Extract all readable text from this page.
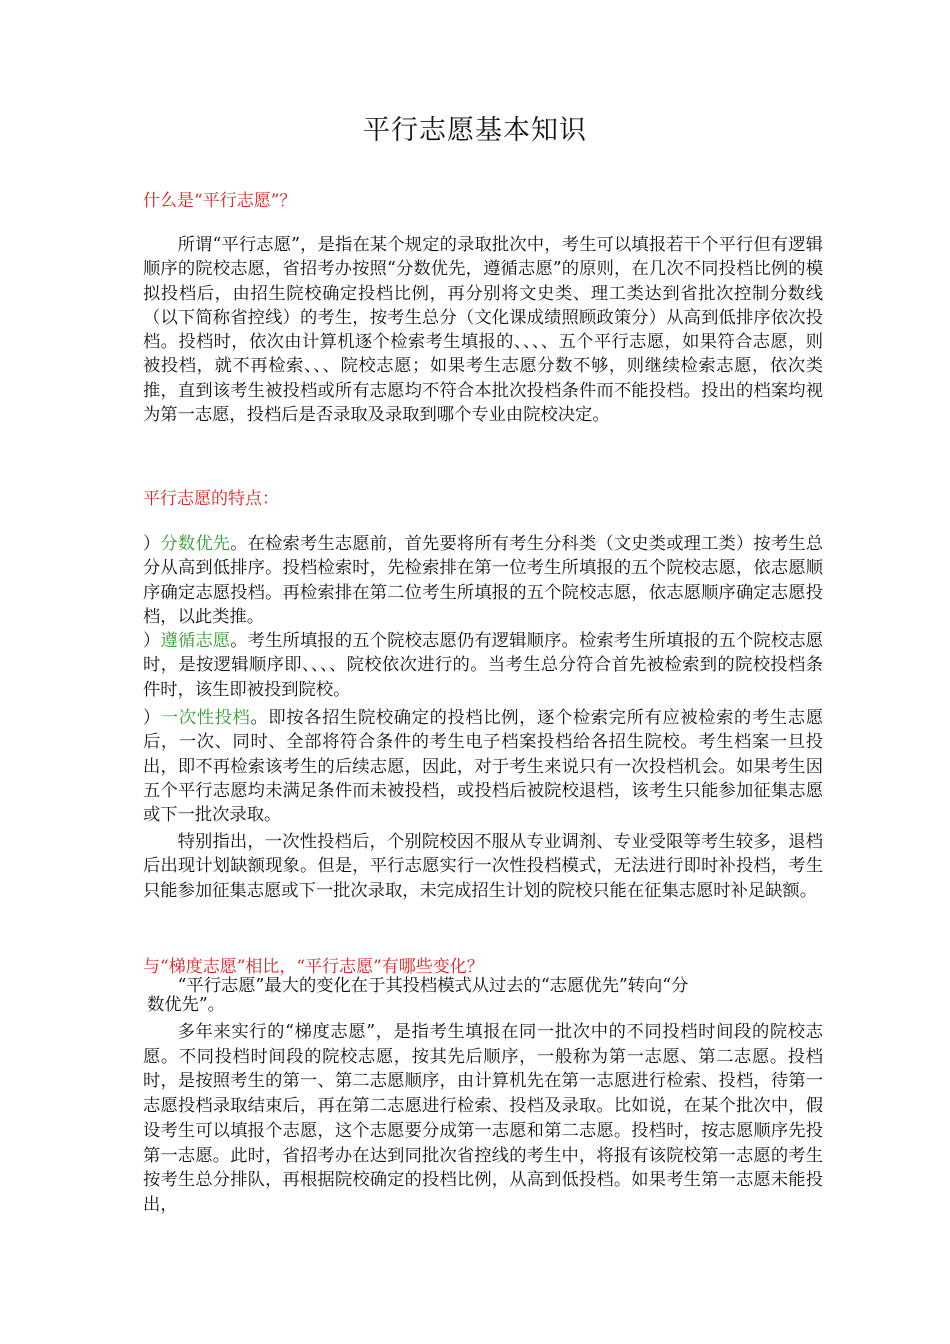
平行志愿基本知识
什么是“平行志愿”？

所谓“平行志愿”，是指在某个规定的录取批次中，考生可以填报若干个平行但有逻辑顺序的院校志愿，省招考办按照“分数优先，遵循志愿”的原则，在几次不同投档比例的模拟投档后，由招生院校确定投档比例，再分别将文史类、理工类达到省批次控制分数线（以下简称省控线）的考生，按考生总分（文化课成绩照顾政策分）从高到低排序依次投档。投档时，依次由计算机逐个检索考生填报的、、、、五个平行志愿，如果符合志愿，则被投档，就不再检索、、、院校志愿；如果考生志愿分数不够，则继续检索志愿，依次类推，直到该考生被投档或所有志愿均不符合本批次投档条件而不能投档。投出的档案均视为第一志愿，投档后是否录取及录取到哪个专业由院校决定。

平行志愿的特点：

）分数优先。在检索考生志愿前，首先要将所有考生分科类（文史类或理工类）按考生总分从高到低排序。投档检索时，先检索排在第一位考生所填报的五个院校志愿，依志愿顺序确定志愿投档。再检索排在第二位考生所填报的五个院校志愿，依志愿顺序确定志愿投档，以此类推。

）遵循志愿。考生所填报的五个院校志愿仍有逻辑顺序。检索考生所填报的五个院校志愿时，是按逻辑顺序即、、、、院校依次进行的。当考生总分符合首先被检索到的院校投档条件时，该生即被投到院校。

）一次性投档。即按各招生院校确定的投档比例，逐个检索完所有应被检索的考生志愿后，一次、同时、全部将符合条件的考生电子档案投档给各招生院校。考生档案一旦投出，即不再检索该考生的后续志愿，因此，对于考生来说只有一次投档机会。如果考生因五个平行志愿均未满足条件而未被投档，或投档后被院校退档，该考生只能参加征集志愿或下一批次录取。

特别指出，一次性投档后，个别院校因不服从专业调剂、专业受限等考生较多，退档后出现计划缺额现象。但是，平行志愿实行一次性投档模式，无法进行即时补投档，考生只能参加征集志愿或下一批次录取，未完成招生计划的院校只能在征集志愿时补足缺额。

与“梯度志愿”相比，“平行志愿”有哪些变化？

“平行志愿”最大的变化在于其投档模式从过去的“志愿优先”转向“分
数优先”。

多年来实行的“梯度志愿”，是指考生填报在同一批次中的不同投档时间段的院校志愿。不同投档时间段的院校志愿，按其先后顺序，一般称为第一志愿、第二志愿。投档时，是按照考生的第一、第二志愿顺序，由计算机先在第一志愿进行检索、投档，待第一志愿投档录取结束后，再在第二志愿进行检索、投档及录取。比如说，在某个批次中，假设考生可以填报个志愿，这个志愿要分成第一志愿和第二志愿。投档时，按志愿顺序先投第一志愿。此时，省招考办在达到同批次省控线的考生中，将报有该院校第一志愿的考生按考生总分排队，再根据院校确定的投档比例，从高到低投档。如果考生第一志愿未能投出，
